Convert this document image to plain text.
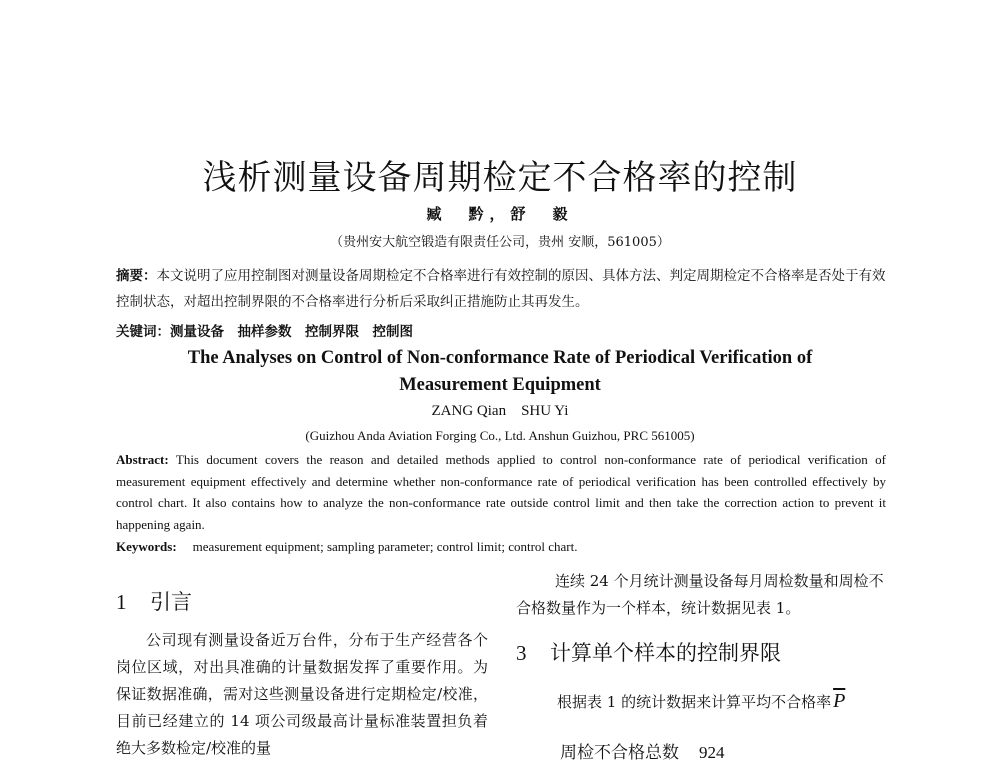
浅析测量设备周期检定不合格率的控制
臧　黔，舒　毅
（贵州安大航空锻造有限责任公司，贵州 安顺，561005）
摘要：本文说明了应用控制图对测量设备周期检定不合格率进行有效控制的原因、具体方法、判定周期检定不合格率是否处于有效控制状态，对超出控制界限的不合格率进行分析后采取纠正措施防止其再发生。
关键词：测量设备　抽样参数　控制界限　控制图
The Analyses on Control of Non-conformance Rate of Periodical Verification of
Measurement Equipment
ZANG Qian　SHU Yi
(Guizhou Anda Aviation Forging Co., Ltd. Anshun Guizhou, PRC 561005)
Abstract: This document covers the reason and detailed methods applied to control non-conformance rate of periodical verification of measurement equipment effectively and determine whether non-conformance rate of periodical verification has been controlled effectively by control chart. It also contains how to analyze the non-conformance rate outside control limit and then take the correction action to prevent it happening again.
Keywords: measurement equipment; sampling parameter; control limit; control chart.
1 引言
公司现有测量设备近万台件，分布于生产经营各个岗位区域，对出具准确的计量数据发挥了重要作用。为保证数据准确，需对这些测量设备进行定期检定/校准，目前已经建立的 14 项公司级最高计量标准装置担负着绝大多数检定/校准的量
连续 24 个月统计测量设备每月周检数量和周检不合格数量作为一个样本，统计数据见表 1。
3 计算单个样本的控制界限
根据表 1 的统计数据来计算平均不合格率 $\overline{P}$
周检不合格总数 924
